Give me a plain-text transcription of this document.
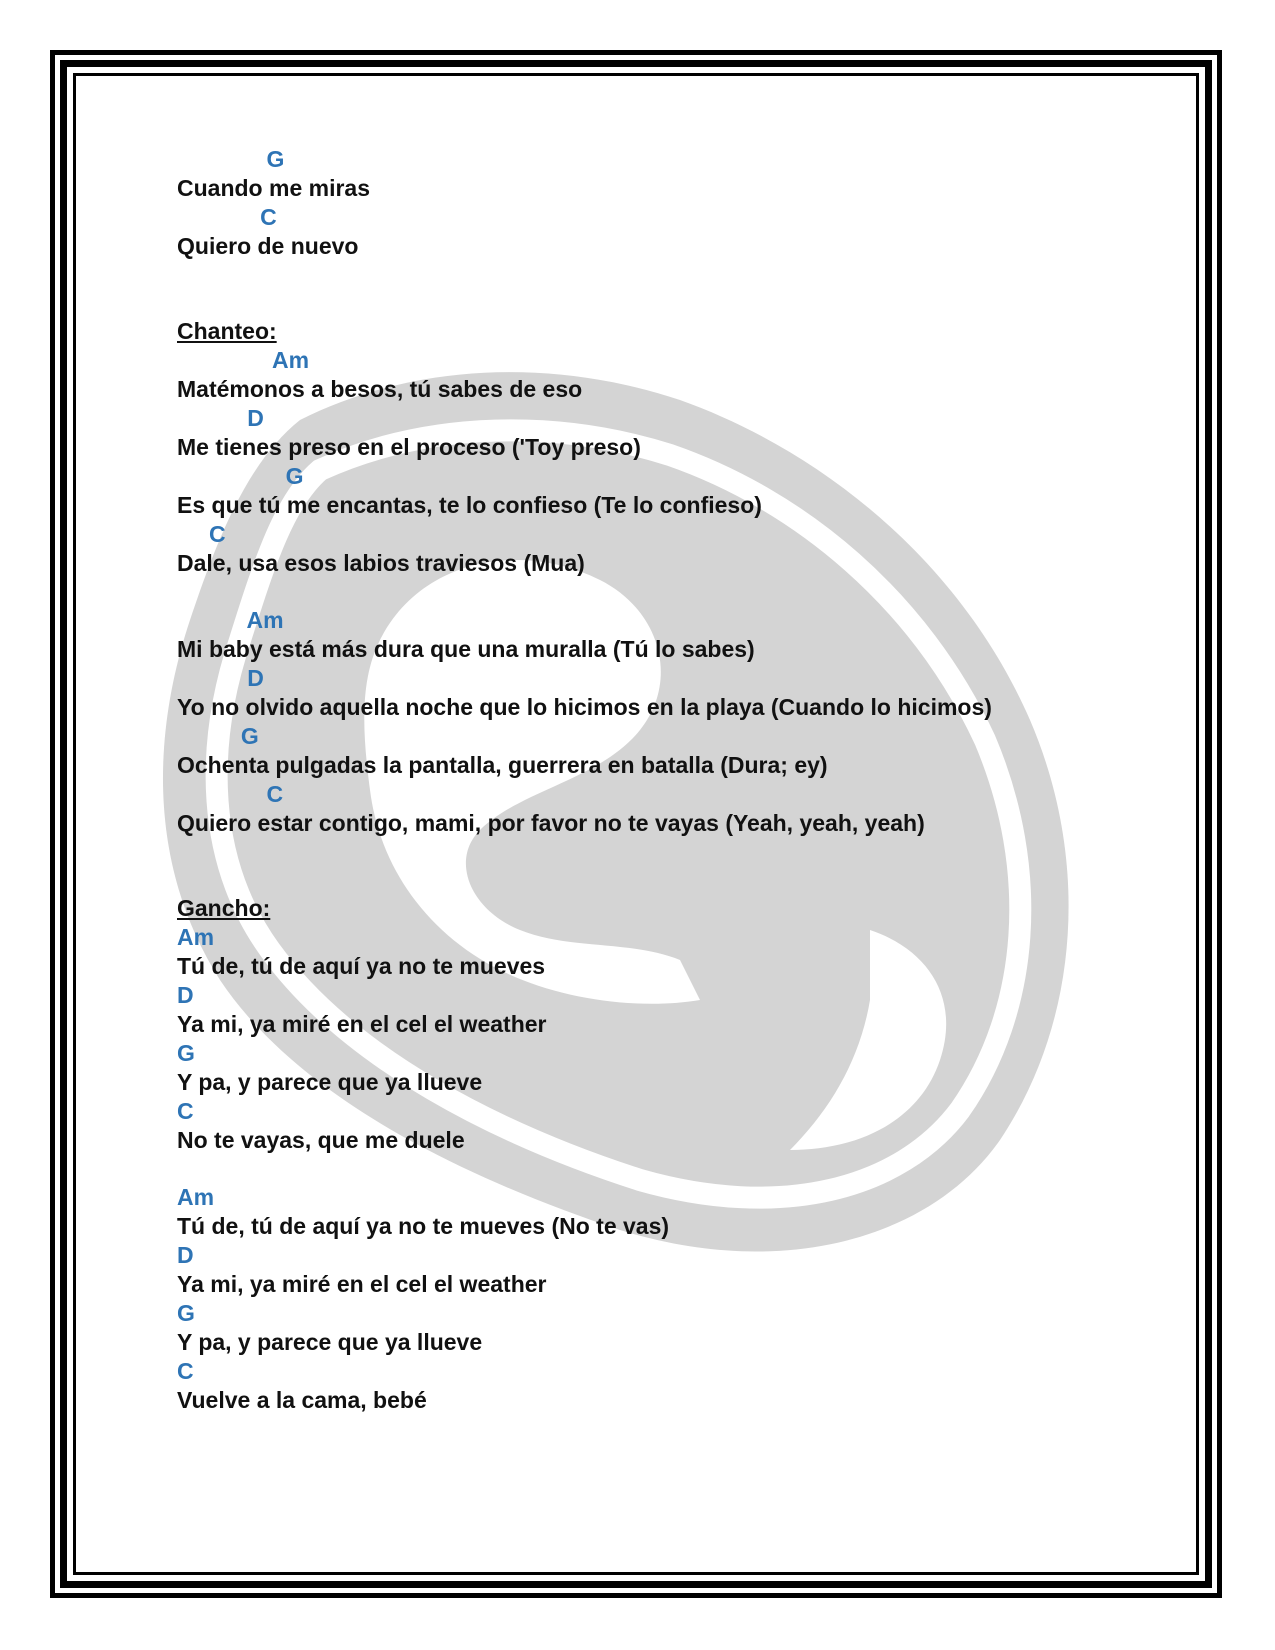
G
Cuando me miras
C
Quiero de nuevo
Chanteo:
Am
Matémonos a besos, tú sabes de eso
D
Me tienes preso en el proceso ('Toy preso)
G
Es que tú me encantas, te lo confieso (Te lo confieso)
C
Dale, usa esos labios traviesos (Mua)
Am
Mi baby está más dura que una muralla (Tú lo sabes)
D
Yo no olvido aquella noche que lo hicimos en la playa (Cuando lo hicimos)
G
Ochenta pulgadas la pantalla, guerrera en batalla (Dura; ey)
C
Quiero estar contigo, mami, por favor no te vayas (Yeah, yeah, yeah)
Gancho:
Am
Tú de, tú de aquí ya no te mueves
D
Ya mi, ya miré en el cel el weather
G
Y pa, y parece que ya llueve
C
No te vayas, que me duele
Am
Tú de, tú de aquí ya no te mueves (No te vas)
D
Ya mi, ya miré en el cel el weather
G
Y pa, y parece que ya llueve
C
Vuelve a la cama, bebé
